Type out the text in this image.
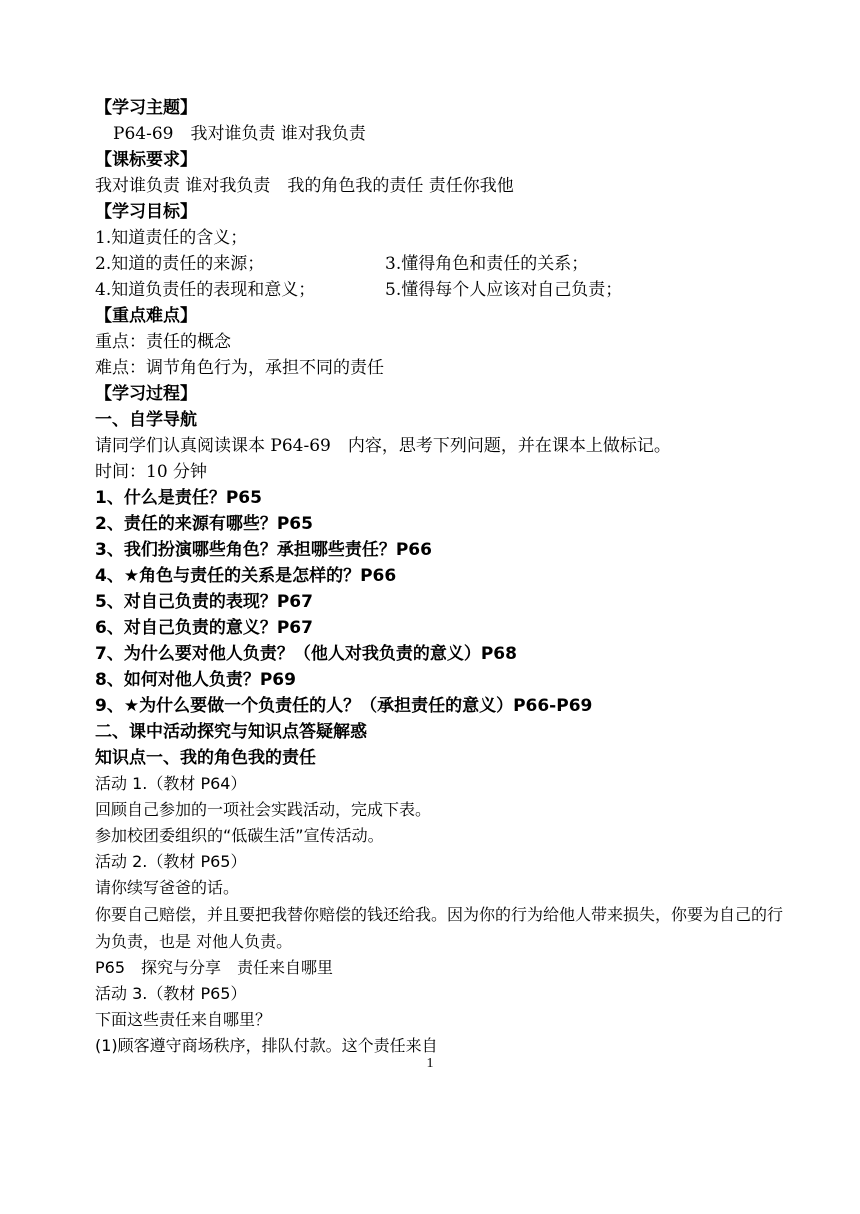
【学习主题】
P64-69　我对谁负责 谁对我负责
【课标要求】
我对谁负责 谁对我负责　我的角色我的责任 责任你我他
【学习目标】
1.知道责任的含义；
2.知道的责任的来源；	3.懂得角色和责任的关系；
4.知道负责任的表现和意义；	5.懂得每个人应该对自己负责；
【重点难点】
重点：责任的概念
难点：调节角色行为，承担不同的责任
【学习过程】
一、自学导航
请同学们认真阅读课本 P64-69　内容，思考下列问题，并在课本上做标记。
时间：10 分钟
1、什么是责任？P65
2、责任的来源有哪些？P65
3、我们扮演哪些角色？承担哪些责任？P66
4、★角色与责任的关系是怎样的？P66
5、对自己负责的表现？P67
6、对自己负责的意义？P67
7、为什么要对他人负责？（他人对我负责的意义）P68
8、如何对他人负责？P69
9、★为什么要做一个负责任的人？（承担责任的意义）P66-P69
二、课中活动探究与知识点答疑解惑
知识点一、我的角色我的责任
活动 1.（教材 P64）
回顾自己参加的一项社会实践活动，完成下表。
参加校团委组织的“低碳生活”宣传活动。
活动 2.（教材 P65）
请你续写爸爸的话。
你要自己赔偿，并且要把我替你赔偿的钱还给我。因为你的行为给他人带来损失，你要为自己的行为负责，也是 对他人负责。
P65　探究与分享　责任来自哪里
活动 3.（教材 P65）
下面这些责任来自哪里？
(1)顾客遵守商场秩序，排队付款。这个责任来自
1
